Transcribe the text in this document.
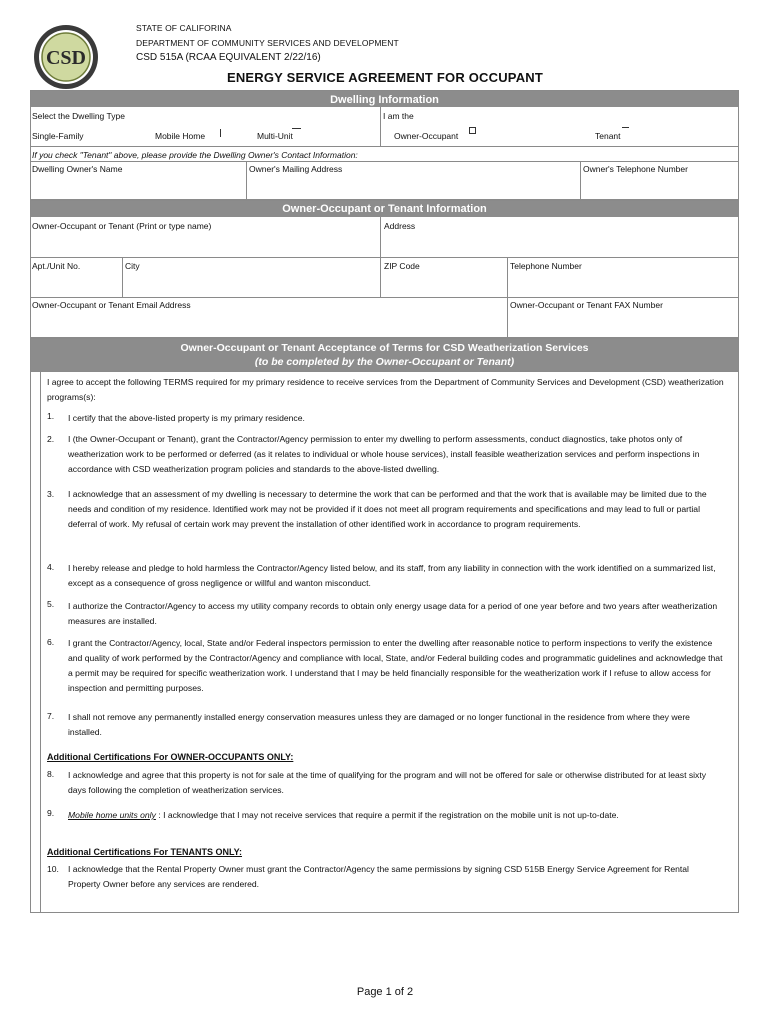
CSD
STATE OF CALIFORINA
DEPARTMENT OF COMMUNITY SERVICES AND DEVELOPMENT
CSD 515A (RCAA EQUIVALENT 2/22/16)
ENERGY SERVICE AGREEMENT FOR OCCUPANT
Dwelling Information
Select the Dwelling Type	I am the
Single-Family	Mobile Home	Multi-Unit	Owner-Occupant	Tenant
If you check "Tenant" above, please provide the Dwelling Owner's Contact Information:
Dwelling Owner's Name	Owner's Mailing Address	Owner's Telephone Number
Owner-Occupant or Tenant Information
Owner-Occupant or Tenant (Print or type name)	Address
Apt./Unit No.	City	ZIP Code	Telephone Number
Owner-Occupant or Tenant Email Address	Owner-Occupant or Tenant FAX Number
Owner-Occupant or Tenant Acceptance of Terms for CSD Weatherization Services
(to be completed by the Owner-Occupant or Tenant)
I agree to accept the following TERMS required for my primary residence to receive services from the Department of Community Services and Development (CSD) weatherization programs(s):
1. I certify that the above-listed property is my primary residence.
2. I (the Owner-Occupant or Tenant), grant the Contractor/Agency permission to enter my dwelling to perform assessments, conduct diagnostics, take photos only of weatherization work to be performed or deferred (as it relates to individual or whole house services), install feasible weatherization services and perform inspections in accordance with CSD weatherization program policies and standards to the above-listed dwelling.
3. I acknowledge that an assessment of my dwelling is necessary to determine the work that can be performed and that the work that is available may be limited due to the needs and condition of my residence. Identified work may not be provided if it does not meet all program requirements and specifications and may lead to full or partial deferral of work. My refusal of certain work may prevent the installation of other identified work in accordance to program requirements.
4. I hereby release and pledge to hold harmless the Contractor/Agency listed below, and its staff, from any liability in connection with the work identified on a summarized list, except as a consequence of gross negligence or willful and wanton misconduct.
5. I authorize the Contractor/Agency to access my utility company records to obtain only energy usage data for a period of one year before and two years after weatherization measures are installed.
6. I grant the Contractor/Agency, local, State and/or Federal inspectors permission to enter the dwelling after reasonable notice to perform inspections to verify the existence and quality of work performed by the Contractor/Agency and compliance with local, State, and/or Federal building codes and programmatic guidelines and acknowledge that a permit may be required for specific weatherization work. I understand that I may be held financially responsible for the weatherization work if I refuse to allow access for inspection and permitting purposes.
7. I shall not remove any permanently installed energy conservation measures unless they are damaged or no longer functional in the residence from where they were installed.
Additional Certifications For OWNER-OCCUPANTS ONLY:
8. I acknowledge and agree that this property is not for sale at the time of qualifying for the program and will not be offered for sale or otherwise distributed for at least sixty days following the completion of weatherization services.
9. Mobile home units only : I acknowledge that I may not receive services that require a permit if the registration on the mobile unit is not up-to-date.
Additional Certifications For TENANTS ONLY:
10. I acknowledge that the Rental Property Owner must grant the Contractor/Agency the same permissions by signing CSD 515B Energy Service Agreement for Rental Property Owner before any services are rendered.
Page 1 of 2
